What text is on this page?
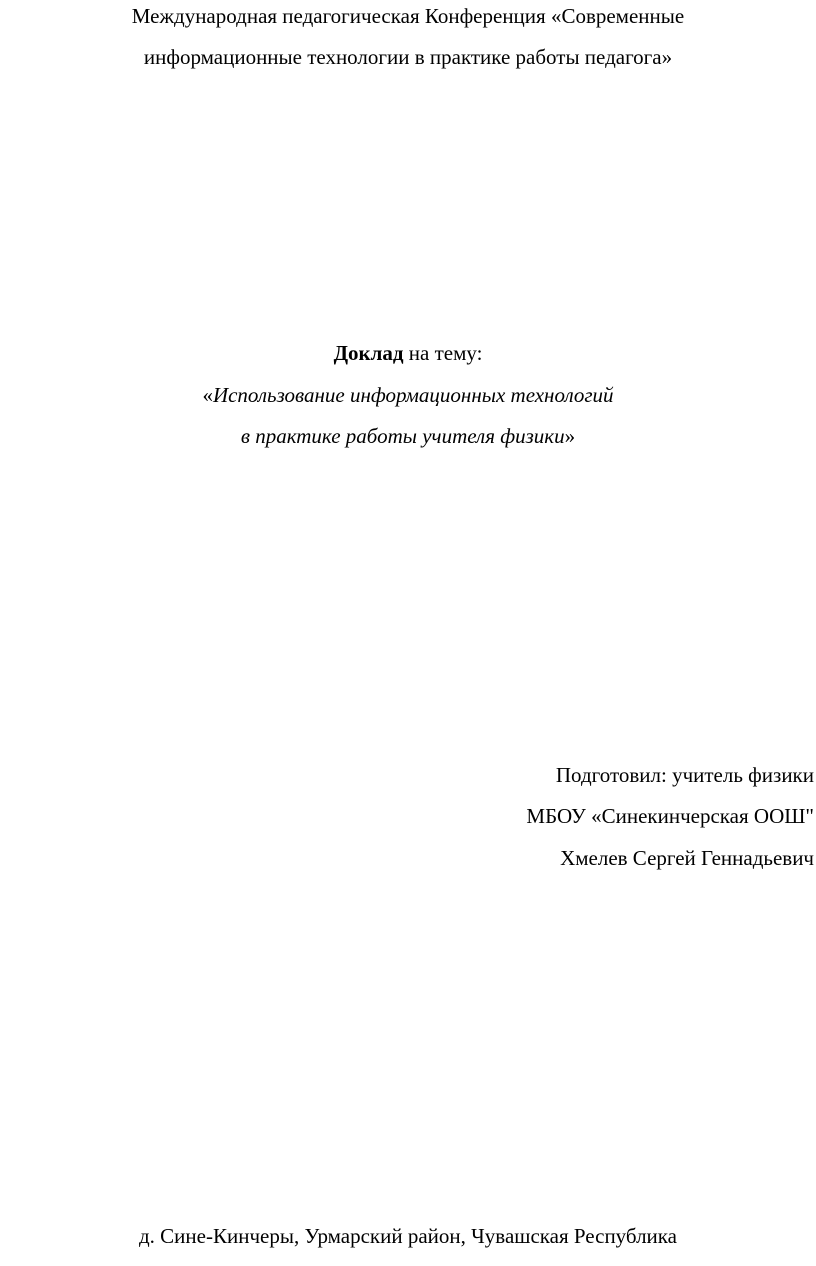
Международная педагогическая Конференция «Современные
информационные технологии в практике работы педагога»
Доклад на тему:
«Использование информационных технологий
в практике работы учителя физики»
Подготовил: учитель физики
МБОУ «Синекинчерская ООШ"
Хмелев Сергей Геннадьевич
д. Сине-Кинчеры, Урмарский район, Чувашская Республика
